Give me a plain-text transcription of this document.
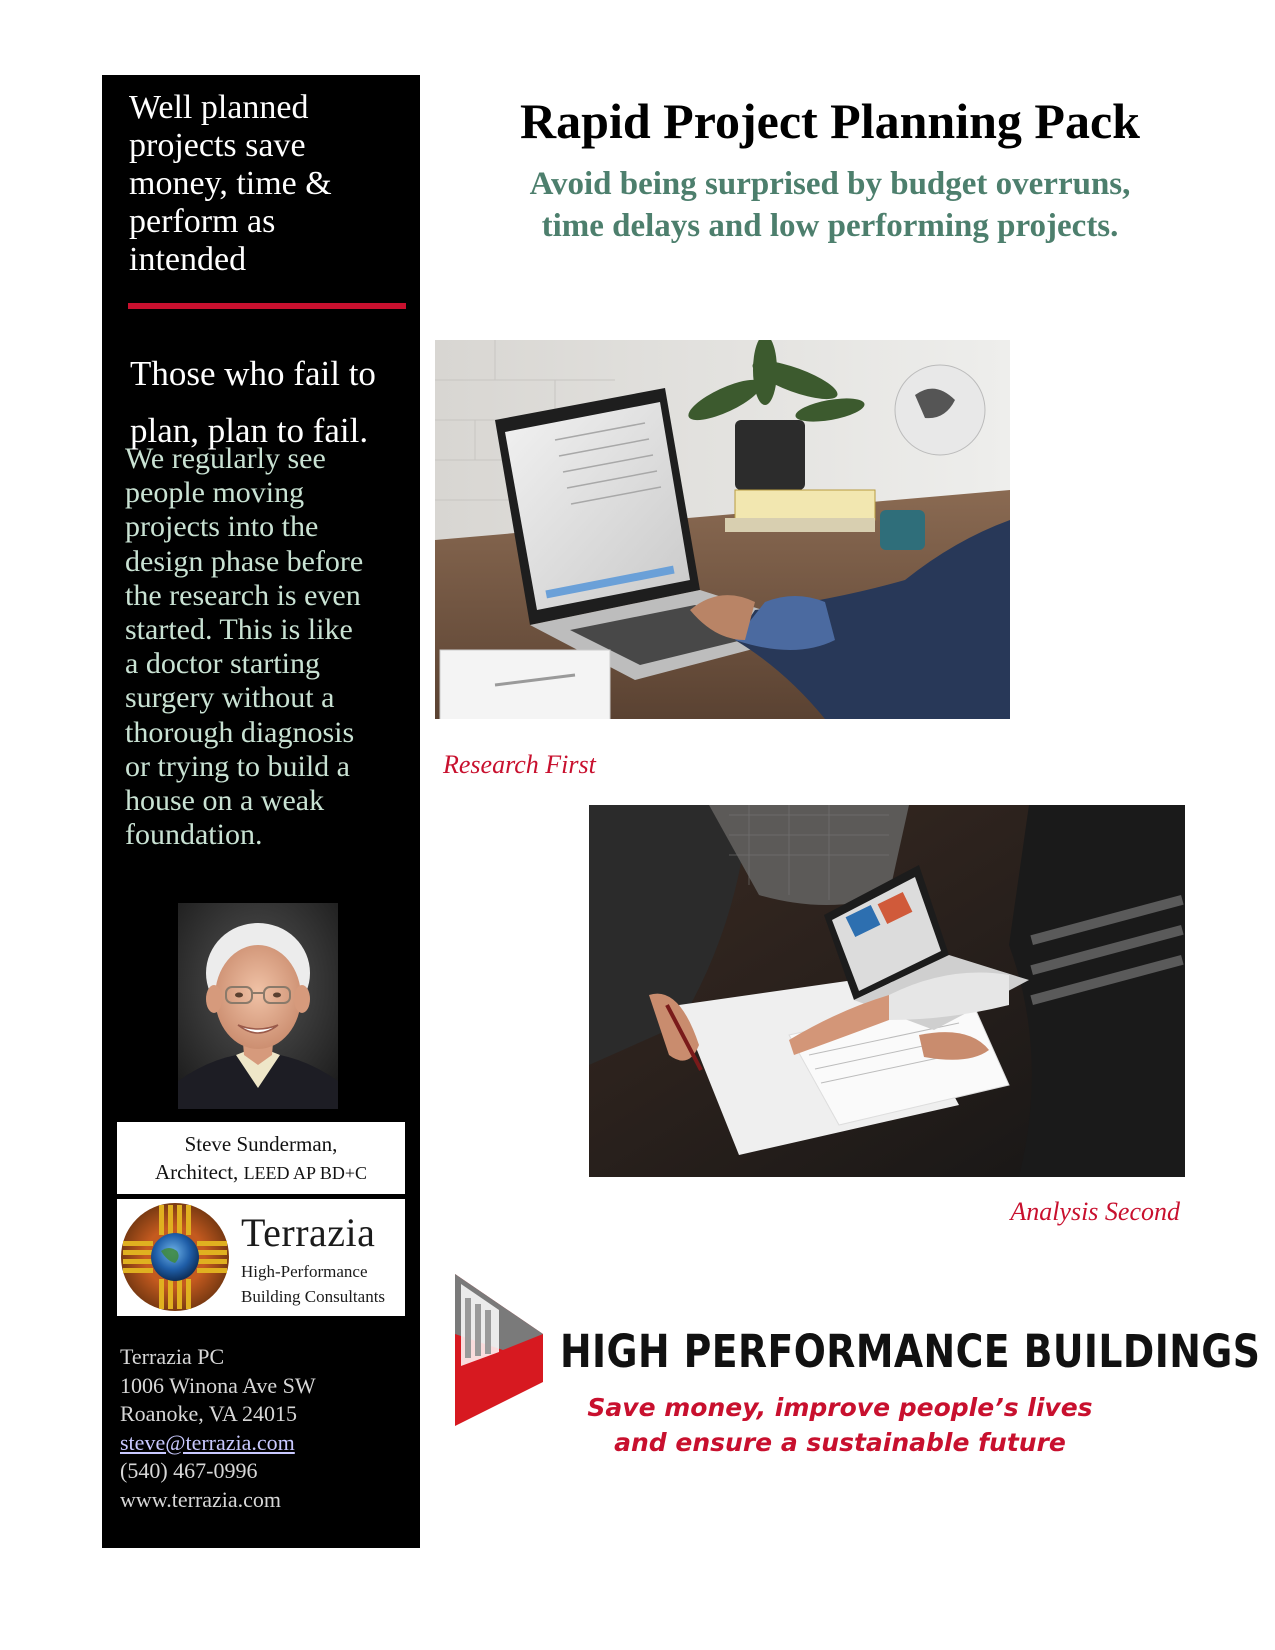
Well planned
projects save
money, time &
perform as
intended
Those who fail to
plan, plan to fail.
We regularly see
people moving
projects into the
design phase before
the research is even
started. This is like
a doctor starting
surgery without a
thorough diagnosis
or trying to build a
house on a weak
foundation.
Steve Sunderman,
Architect, LEED AP BD+C
Terrazia
High-Performance
Building Consultants
Terrazia PC
1006 Winona Ave SW
Roanoke, VA 24015
steve@terrazia.com
(540) 467-0996
www.terrazia.com
Rapid Project Planning Pack
Avoid being surprised by budget overruns,
time delays and low performing projects.
Research First
Analysis Second
HIGH PERFORMANCE BUILDINGS
Save money, improve people’s lives
and ensure a sustainable future
